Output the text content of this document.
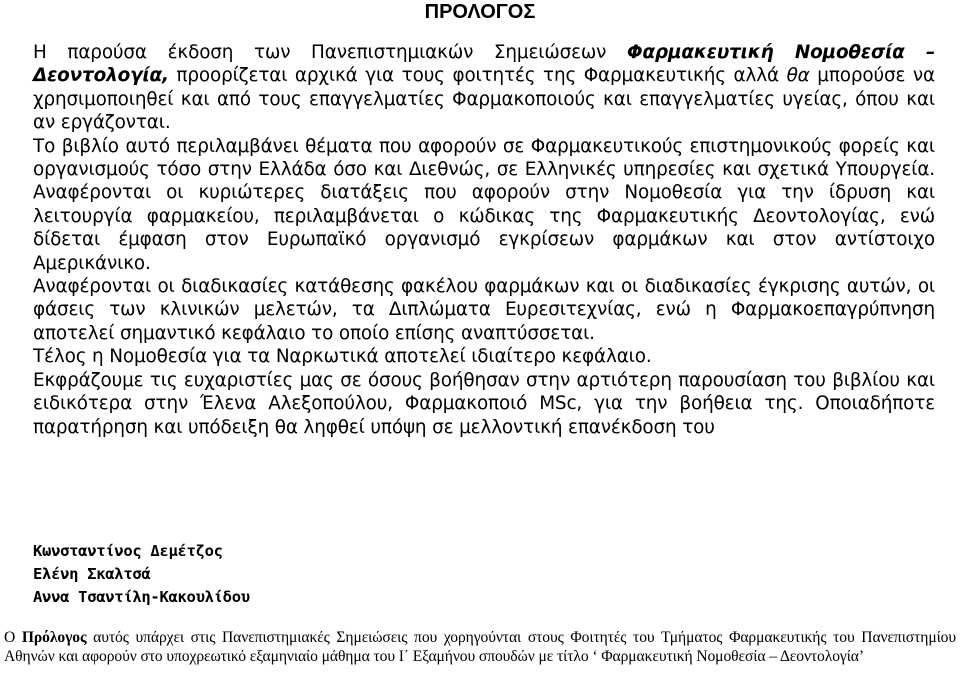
ΠΡΟΛΟΓΟΣ

Η παρούσα έκδοση των Πανεπιστημιακών Σημειώσεων Φαρμακευτική Νομοθεσία – Δεοντολογία, προορίζεται αρχικά για τους φοιτητές της Φαρμακευτικής αλλά θα μπορούσε να χρησιμοποιηθεί και από τους επαγγελματίες Φαρμακοποιούς και επαγγελματίες υγείας, όπου και αν εργάζονται.

Το βιβλίο αυτό περιλαμβάνει θέματα που αφορούν σε Φαρμακευτικούς επιστημονικούς φορείς και οργανισμούς τόσο στην Ελλάδα όσο και Διεθνώς, σε Ελληνικές υπηρεσίες και σχετικά Υπουργεία. Αναφέρονται οι κυριώτερες διατάξεις που αφορούν στην Νομοθεσία για την ίδρυση και λειτουργία φαρμακείου, περιλαμβάνεται ο κώδικας της Φαρμακευτικής Δεοντολογίας, ενώ δίδεται έμφαση στον Ευρωπαϊκό οργανισμό εγκρίσεων φαρμάκων και στον αντίστοιχο Αμερικάνικο.

Αναφέρονται οι διαδικασίες κατάθεσης φακέλου φαρμάκων και οι διαδικασίες έγκρισης αυτών, οι φάσεις των κλινικών μελετών, τα Διπλώματα Ευρεσιτεχνίας, ενώ η Φαρμακοεπαγρύπνηση αποτελεί σημαντικό κεφάλαιο το οποίο επίσης αναπτύσσεται.

Τέλος η Νομοθεσία για τα Ναρκωτικά αποτελεί ιδιαίτερο κεφάλαιο.

Εκφράζουμε τις ευχαριστίες μας σε όσους βοήθησαν στην αρτιότερη παρουσίαση του βιβλίου και ειδικότερα στην Έλενα Αλεξοπούλου, Φαρμακοποιό MSc, για την βοήθεια της. Οποιαδήποτε παρατήρηση και υπόδειξη θα ληφθεί υπόψη σε μελλοντική επανέκδοση του

Κωνσταντίνος Δεμέτζος
Ελένη Σκαλτσά
Αννα Τσαντίλη-Κακουλίδου
Ο Πρόλογος αυτός υπάρχει στις Πανεπιστημιακές Σημειώσεις που χορηγούνται στους Φοιτητές του Τμήματος Φαρμακευτικής του Πανεπιστημίου Αθηνών και αφορούν στο υποχρεωτικό εξαμηνιαίο μάθημα του Ι΄ Εξαμήνου σπουδών με τίτλο ‘ Φαρμακευτική Νομοθεσία – Δεοντολογία’
